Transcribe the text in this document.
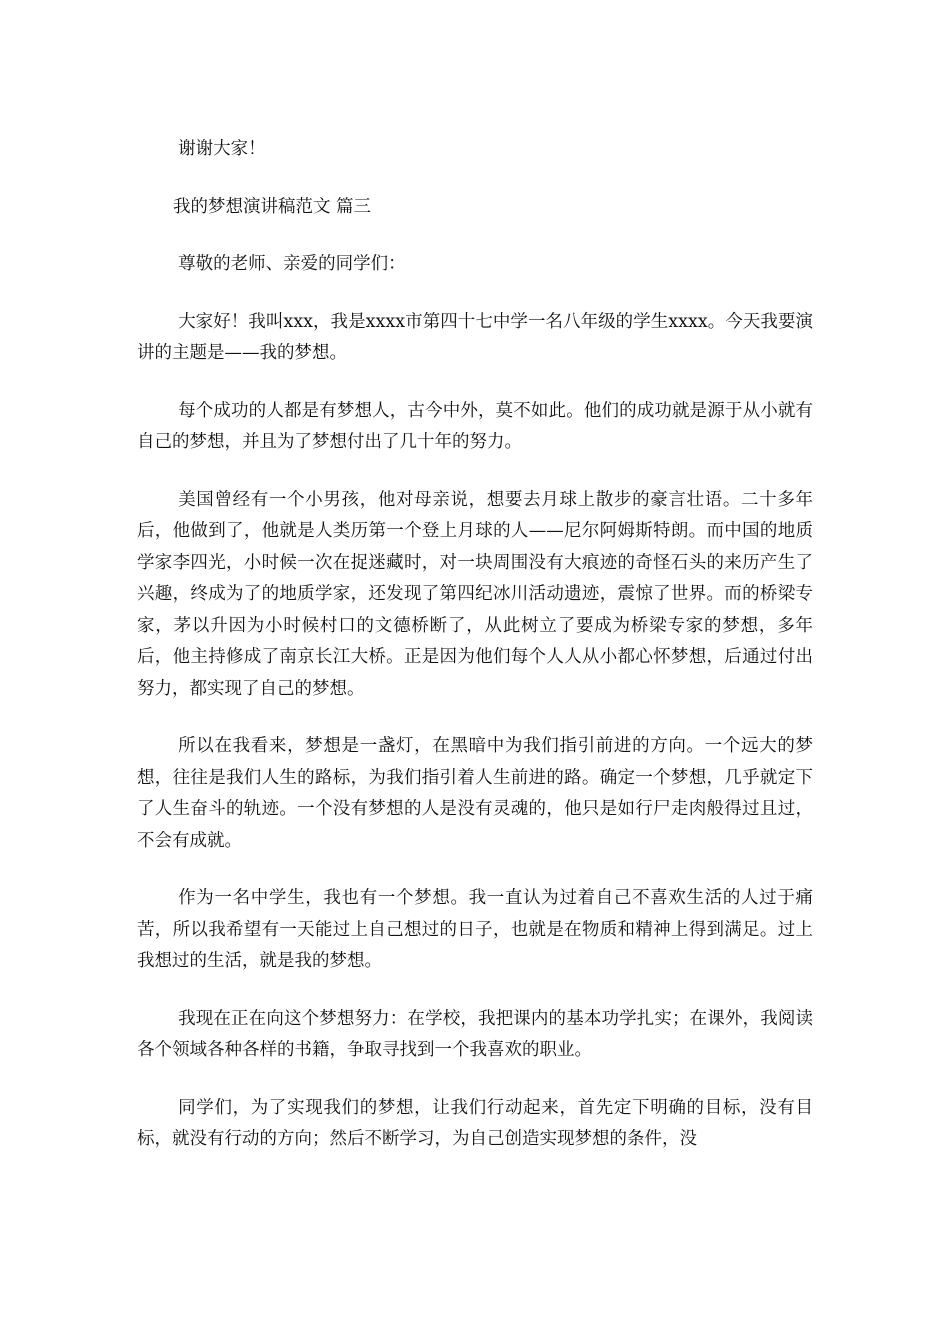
谢谢大家！

我的梦想演讲稿范文 篇三

尊敬的老师、亲爱的同学们：

大家好！我叫xxx，我是xxxx市第四十七中学一名八年级的学生xxxx。今天我要演讲的主题是——我的梦想。

每个成功的人都是有梦想人，古今中外，莫不如此。他们的成功就是源于从小就有自己的梦想，并且为了梦想付出了几十年的努力。

美国曾经有一个小男孩，他对母亲说，想要去月球上散步的豪言壮语。二十多年后，他做到了，他就是人类历第一个登上月球的人——尼尔阿姆斯特朗。而中国的地质学家李四光，小时候一次在捉迷藏时，对一块周围没有大痕迹的奇怪石头的来历产生了兴趣，终成为了的地质学家，还发现了第四纪冰川活动遗迹，震惊了世界。而的桥梁专家，茅以升因为小时候村口的文德桥断了，从此树立了要成为桥梁专家的梦想，多年后，他主持修成了南京长江大桥。正是因为他们每个人人从小都心怀梦想，后通过付出努力，都实现了自己的梦想。

所以在我看来，梦想是一盏灯，在黑暗中为我们指引前进的方向。一个远大的梦想，往往是我们人生的路标，为我们指引着人生前进的路。确定一个梦想，几乎就定下了人生奋斗的轨迹。一个没有梦想的人是没有灵魂的，他只是如行尸走肉般得过且过，不会有成就。

作为一名中学生，我也有一个梦想。我一直认为过着自己不喜欢生活的人过于痛苦，所以我希望有一天能过上自己想过的日子，也就是在物质和精神上得到满足。过上我想过的生活，就是我的梦想。

我现在正在向这个梦想努力：在学校，我把课内的基本功学扎实；在课外，我阅读各个领域各种各样的书籍，争取寻找到一个我喜欢的职业。

同学们，为了实现我们的梦想，让我们行动起来，首先定下明确的目标，没有目标，就没有行动的方向；然后不断学习，为自己创造实现梦想的条件，没
